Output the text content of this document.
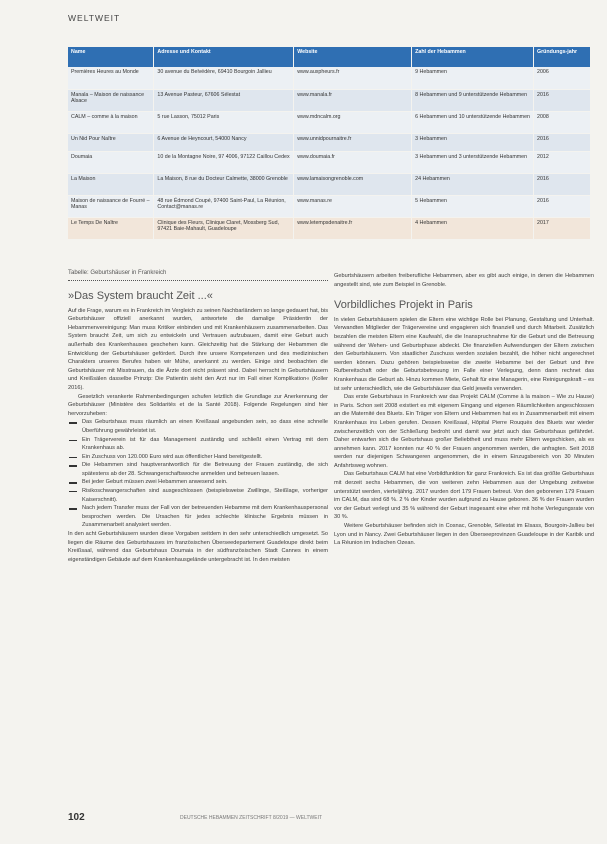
WELTWEIT
Name	Adresse und Kontakt	Website	Zahl der Hebammen	Gründungs-jahr
Premières Heures au Monde	30 avenue du Belvédère, 69410 Bourgoin Jallieu	www.auxpheurs.fr	9 Hebammen	2006
Manala – Maison de naissance Alsace	13 Avenue Pasteur, 67606 Sélestat	www.manala.fr	8 Hebammen und 9 unterstützende Hebammen	2016
CALM – comme à la maison	5 rue Lasson, 75012 Paris	www.mdncalm.org	6 Hebammen und 10 unterstützende Hebammen	2008
Un Nid Pour Naître	6 Avenue de Heyncourt, 54000 Nancy	www.unnidpournaitre.fr	3 Hebammen	2016
Doumaia	10 de la Montagne Noire, 97 4006, 97122 Caillou Cedex	www.doumaia.fr	3 Hebammen und 3 unterstützende Hebammen	2012
La Maison	La Maison, 8 rue du Docteur Calmette, 38000 Grenoble	www.lamaisongrenoble.com	24 Hebammen	2016
Maison de naissance de Fourré – Manas	48 rue Édmond Coupé, 97400 Saint-Paul, La Réunion, Contact@manas.re	www.manas.re	5 Hebammen	2016
Le Temps De Naître	Clinique des Fleurs, Clinique Claret, Mossberg Sud, 97421 Baie-Mahault, Guadeloupe	www.letempsdenaitre.fr	4 Hebammen	2017
Tabelle: Geburtshäuser in Frankreich
»Das System braucht Zeit ...«

Auf die Frage, warum es in Frankreich im Vergleich zu seinen Nachbarländern so lange gedauert hat, bis Geburtshäuser offiziell anerkannt wurden, antwortete die damalige Präsidentin der Hebammenvereinigung: Man muss Kritiker einbinden und mit Krankenhäusern zusammenarbeiten. Das System braucht Zeit, um sich zu entwickeln und Vertrauen aufzubauen, damit eine Geburt auch außerhalb des Krankenhauses geschehen kann. Gleichzeitig hat die Stärkung der Hebammen die Entwicklung der Geburtshäuser gefördert. Durch ihre unsere Kompetenzen und des medizinischen Charakters unseres Berufes haben wir Mühe, anerkannt zu werden. Einige sind beobachten die Geburtshäuser mit Misstrauen, da die Ärzte dort nicht präsent sind. Dabei herrscht in Geburtshäusern und Kreißsälen dasselbe Prinzip: Die Patientin sieht den Arzt nur im Fall einer Komplikation« (Koller 2016).

Gesetzlich verankerte Rahmenbedingungen schufen letztlich die Grundlage zur Anerkennung der Geburtshäuser (Ministère des Solidarités et de la Santé 2018). Folgende Regelungen sind hier hervorzuheben:

Das Geburtshaus muss räumlich an einen Kreißsaal angebunden sein, so dass eine schnelle Überführung gewährleistet ist.
Ein Trägerverein ist für das Management zuständig und schließt einen Vertrag mit dem Krankenhaus ab.
Ein Zuschuss von 120.000 Euro wird aus öffentlicher Hand bereitgestellt.
Die Hebammen sind hauptverantwortlich für die Betreuung der Frauen zuständig, die sich spätestens ab der 28. Schwangerschaftswoche anmelden und betreuen lassen.
Bei jeder Geburt müssen zwei Hebammen anwesend sein.
Risikoschwangerschaften sind ausgeschlossen (beispielsweise Zwillinge, Steißlage, vorheriger Kaiserschnitt).
Nach jedem Transfer muss der Fall von der betreuenden Hebamme mit dem Krankenhauspersonal besprochen werden. Die Ursachen für jedes schlechte klinische Ergebnis müssen in Zusammenarbeit analysiert werden.

In den acht Geburtshäusern wurden diese Vorgaben seitdem in den sehr unterschiedlich umgesetzt. So liegen die Räume des Geburtshauses im französischen Überseedepartement Guadeloupe direkt beim Kreißsaal, während das Geburtshaus Doumaia in der südfranzösischen Stadt Cannes in einem eigenständigen Gebäude auf dem Krankenhausgelände untergebracht ist. In den meisten

Geburtshäusern arbeiten freiberufliche Hebammen, aber es gibt auch einige, in denen die Hebammen angestellt sind, wie zum Beispiel in Grenoble.

Vorbildliches Projekt in Paris

In vielen Geburtshäusern spielen die Eltern eine wichtige Rolle bei Planung, Gestaltung und Unterhalt. Verwandten Mitglieder der Trägervereine und engagieren sich finanziell und durch Mitarbeit. Zusätzlich bezahlen die meisten Eltern eine Kaufwahl, die die Inanspruchnahme für die Geburt und die Betreuung während der Wehen- und Geburtsphase abdeckt. Die finanziellen Aufwendungen der Eltern zwischen den Geburtshäusern. Von staatlicher Zuschuss werden sozialen bezahlt, die höher nicht angerechnet werden können. Dazu gehören beispielsweise die zweite Hebamme bei der Geburt und ihre Rufbereitschaft oder die Geburtsbetreuung im Falle einer Verlegung, denn dann rechnet das Krankenhaus die Geburt ab. Hinzu kommen Miete, Gehalt für eine Managerin, eine Reinigungskraft – es ist sehr unterschiedlich, wie die Geburtshäuser das Geld jeweils verwenden.

Das erste Geburtshaus in Frankreich war das Projekt CALM (Comme à la maison – Wie zu Hause) in Paris. Schon seit 2008 existiert es mit eigenem Eingang und eigenen Räumlichkeiten angeschlossen an die Maternité des Bluets. Ein Träger von Eltern und Hebammen hat es in Zusammenarbeit mit einem Krankenhaus ins Leben gerufen. Dessen Kreißsaal, Hôpital Pierre Rouquès des Bluets war wieder zwischenzeitlich von der Schließung bedroht und damit war jetzt auch das Geburtshaus gefährdet. Daher entwarfen sich die Geburtshaus großer Beliebtheit und muss mehr Eltern wegschicken, als es annehmen kann. 2017 konnten nur 40 % der Frauen angenommen werden, die anfragten. Seit 2018 werden nur diejenigen Schwangeren angenommen, die in einem Einzugsbereich von 30 Minuten Anfahrtsweg wohnen.

Das Geburtshaus CALM hat eine Vorbildfunktion für ganz Frankreich. Es ist das größte Geburtshaus mit derzeit sechs Hebammen, die von weiteren zehn Hebammen aus der Umgebung zeitweise unterstützt werden, vierteljährig. 2017 wurden dort 179 Frauen betreut. Von den geborenen 179 Frauen im CALM, das sind 68 %. 2 % der Kinder wurden aufgrund zu Hause geboren. 36 % der Frauen wurden vor der Geburt verlegt und 35 % während der Geburt insgesamt eine eher mit hohe Verlegungsrate von 30 %.

Weitere Geburtshäuser befinden sich in Cosnac, Grenoble, Sélestat im Elsass, Bourgoin-Jallieu bei Lyon und in Nancy. Zwei Geburtshäuser liegen in den Überseeprovinzen Guadeloupe in der Karibik und La Réunion im Indischen Ozean.

102	DEUTSCHE HEBAMMEN ZEITSCHRIFT 8/2019 — WELTWEIT
